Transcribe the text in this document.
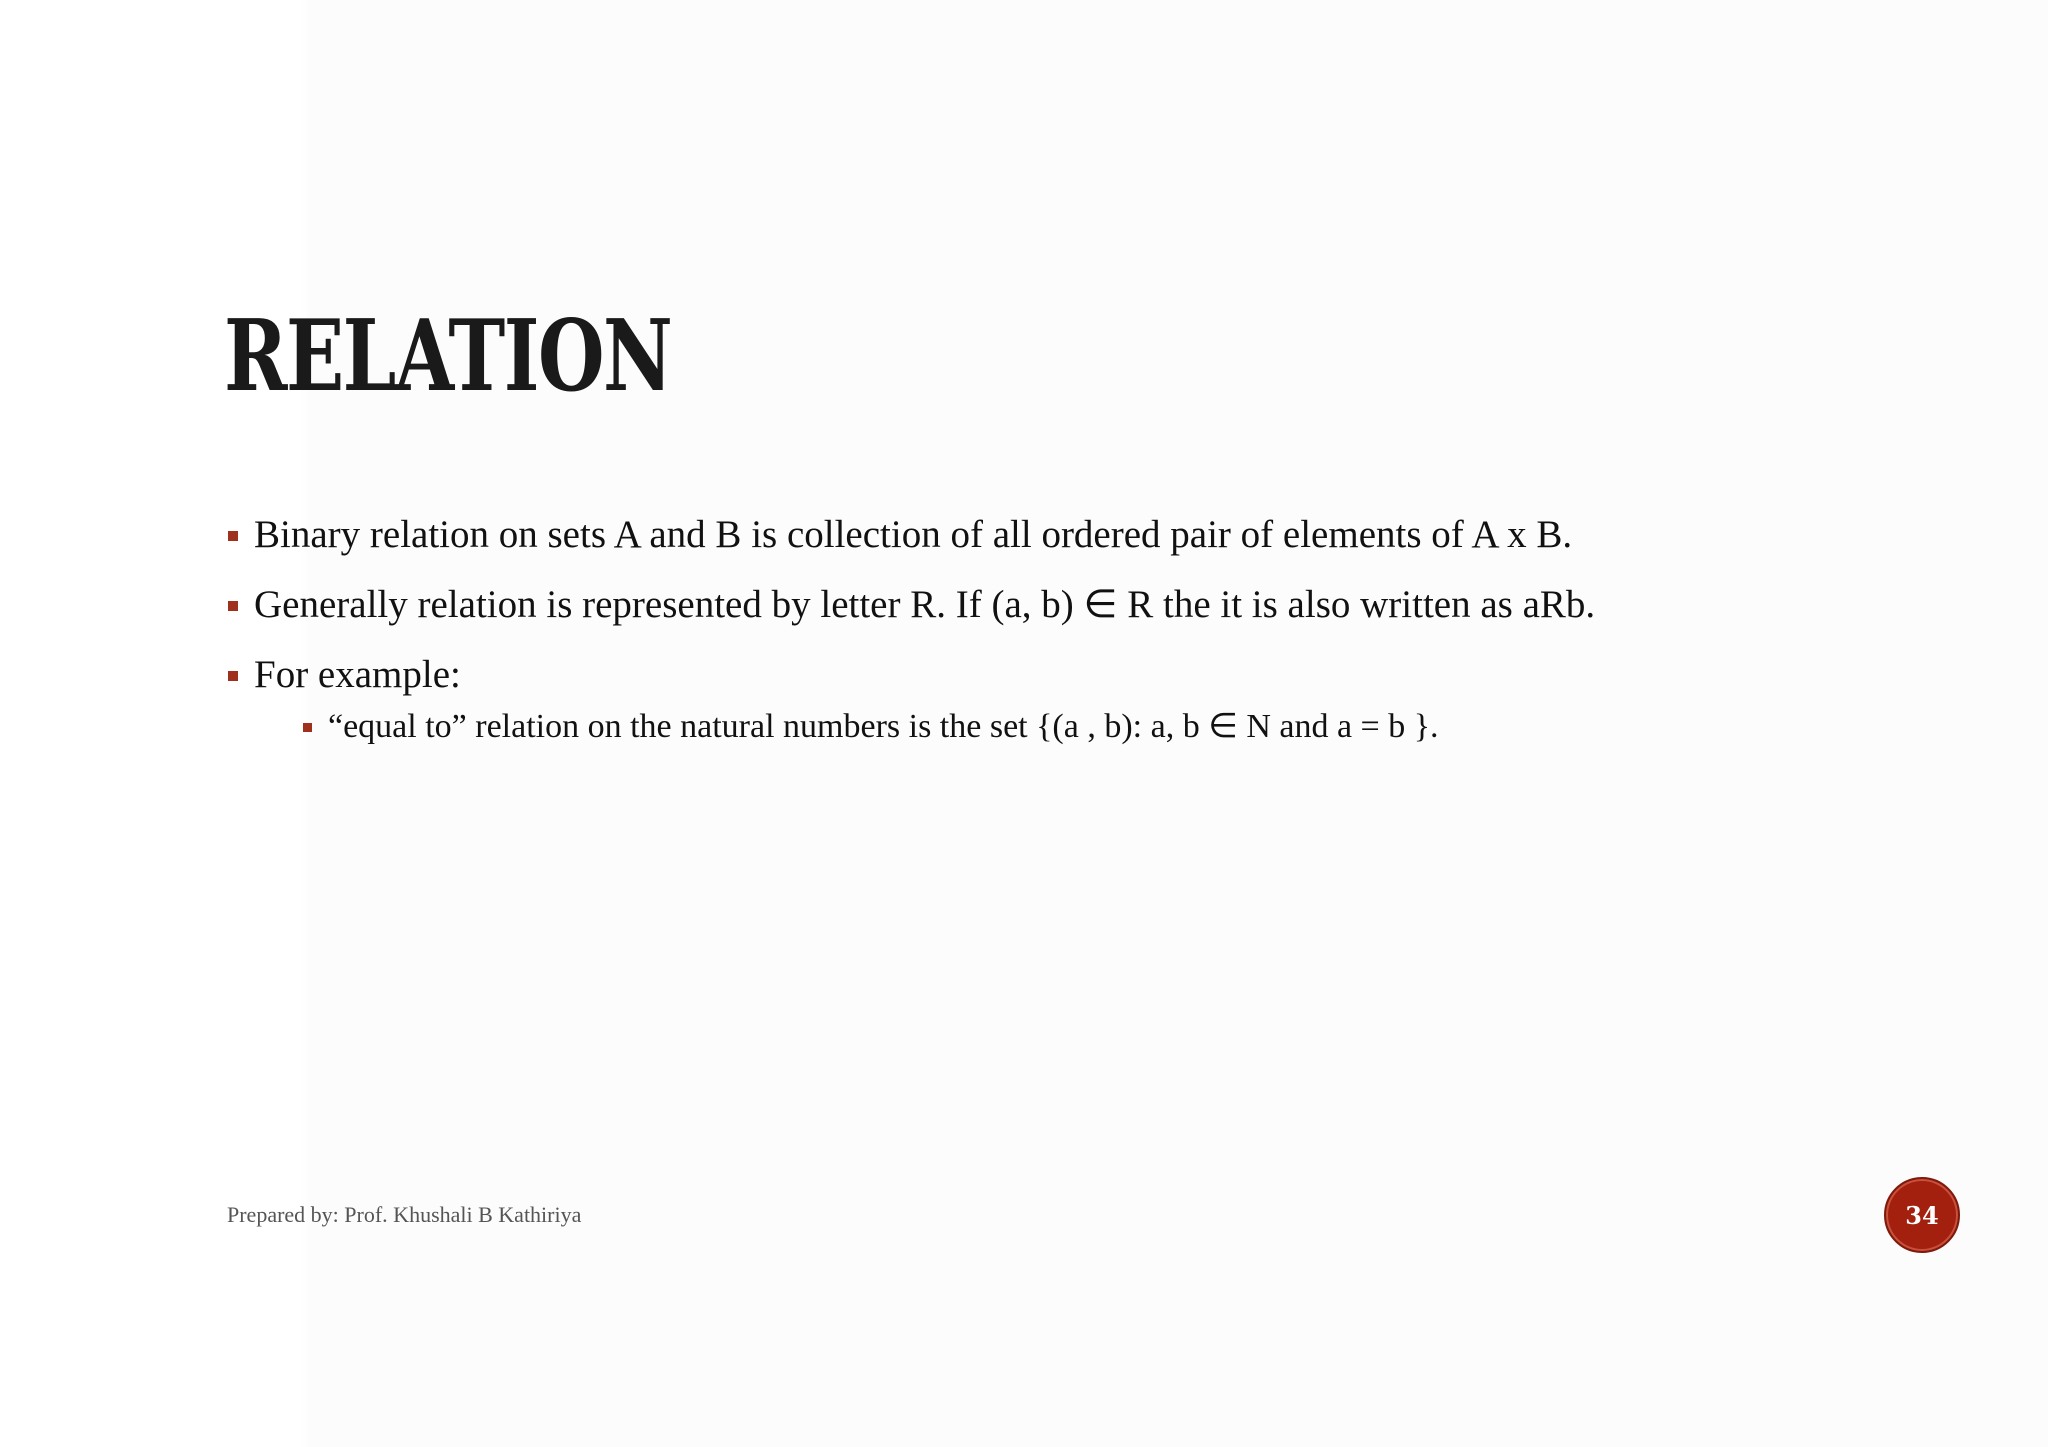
RELATION
Binary relation on sets A and B is collection of all ordered pair of elements of A x B.
Generally relation is represented by letter R. If (a, b) ∈ R the it is also written as aRb.
For example:
“equal to” relation on the natural numbers is the set {(a , b): a, b ∈ N and a = b }.
Prepared by: Prof. Khushali B Kathiriya	34
